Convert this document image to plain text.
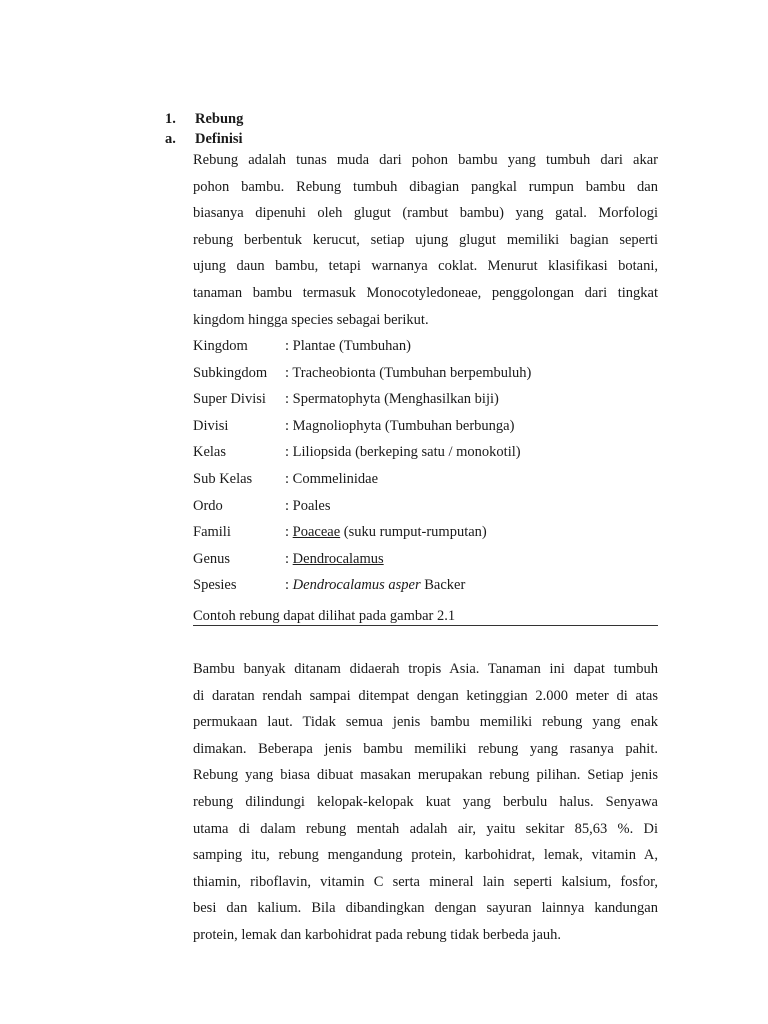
1. Rebung
a. Definisi
Rebung adalah tunas muda dari pohon bambu yang tumbuh dari akar
pohon bambu. Rebung tumbuh dibagian pangkal rumpun bambu dan
biasanya dipenuhi oleh glugut (rambut bambu) yang gatal. Morfologi
rebung berbentuk kerucut, setiap ujung glugut memiliki bagian seperti
ujung daun bambu, tetapi warnanya coklat. Menurut klasifikasi botani,
tanaman bambu termasuk Monocotyledoneae, penggolongan dari tingkat
kingdom hingga species sebagai berikut.
Kingdom	: Plantae (Tumbuhan)
Subkingdom : Tracheobionta (Tumbuhan berpembuluh)
Super Divisi : Spermatophyta (Menghasilkan biji)
Divisi	: Magnoliophyta (Tumbuhan berbunga)
Kelas	: Liliopsida (berkeping satu / monokotil)
Sub Kelas : Commelinidae
Ordo	: Poales
Famili	: Poaceae (suku rumput-rumputan)
Genus	: Dendrocalamus
Spesies	: Dendrocalamus asper Backer
Contoh rebung dapat dilihat pada gambar 2.1
Bambu banyak ditanam didaerah tropis Asia. Tanaman ini dapat tumbuh
di daratan rendah sampai ditempat dengan ketinggian 2.000 meter di atas
permukaan laut. Tidak semua jenis bambu memiliki rebung yang enak
dimakan. Beberapa jenis bambu memiliki rebung yang rasanya pahit.
Rebung yang biasa dibuat masakan merupakan rebung pilihan. Setiap jenis
rebung dilindungi kelopak-kelopak kuat yang berbulu halus. Senyawa
utama di dalam rebung mentah adalah air, yaitu sekitar 85,63 %. Di
samping itu, rebung mengandung protein, karbohidrat, lemak, vitamin A,
thiamin, riboflavin, vitamin C serta mineral lain seperti kalsium, fosfor,
besi dan kalium. Bila dibandingkan dengan sayuran lainnya kandungan
protein, lemak dan karbohidrat pada rebung tidak berbeda jauh.
